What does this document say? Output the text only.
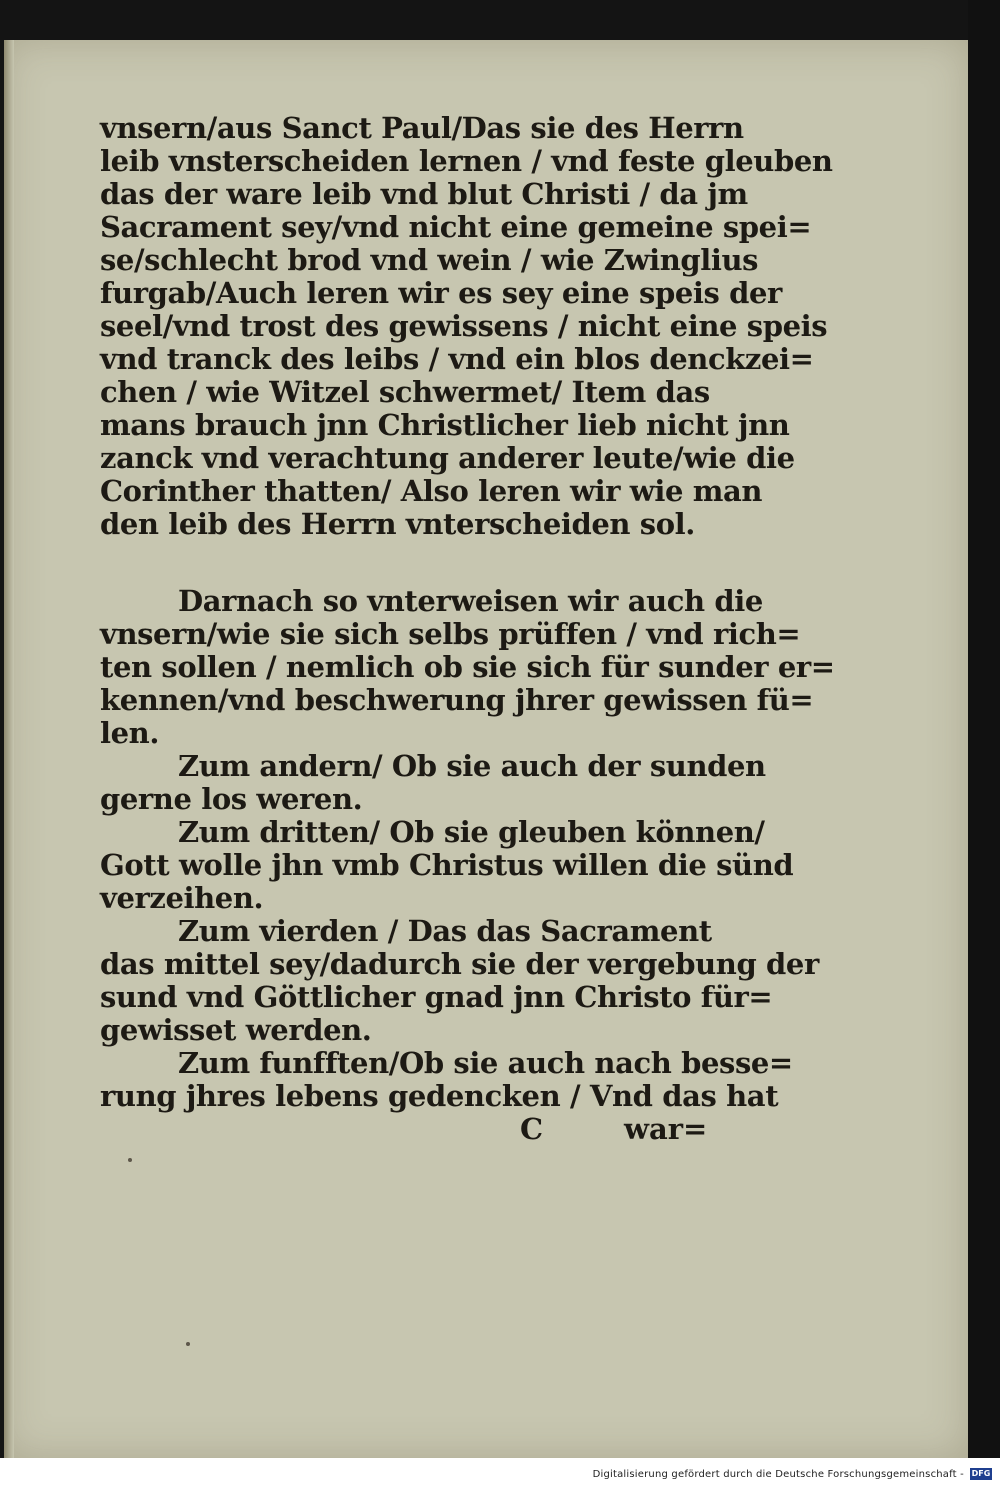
vnsern/aus Sanct Paul/Das sie des Herrn
leib vnsterscheiden lernen / vnd feste gleuben
das der ware leib vnd blut Christi / da jm
Sacrament sey/vnd nicht eine gemeine spei=
se/schlecht brod vnd wein / wie Zwinglius
furgab/Auch leren wir es sey eine speis der
seel/vnd trost des gewissens / nicht eine speis
vnd tranck des leibs / vnd ein blos denckzei=
chen / wie Witzel schwermet/ Item das
mans brauch jnn Christlicher lieb nicht jnn
zanck vnd verachtung anderer leute/wie die
Corinther thatten/ Also leren wir wie man
den leib des Herrn vnterscheiden sol.
Darnach so vnterweisen wir auch die
vnsern/wie sie sich selbs prüffen / vnd rich=
ten sollen / nemlich ob sie sich für sunder er=
kennen/vnd beschwerung jhrer gewissen fü=
len.
Zum andern/ Ob sie auch der sunden
gerne los weren.
Zum dritten/ Ob sie gleuben können/
Gott wolle jhn vmb Christus willen die sünd
verzeihen.
Zum vierden / Das das Sacrament
das mittel sey/dadurch sie der vergebung der
sund vnd Göttlicher gnad jnn Christo für=
gewisset werden.
Zum funfften/Ob sie auch nach besse=
rung jhres lebens gedencken / Vnd das hat
C	war=
Digitalisierung gefördert durch die Deutsche Forschungsgemeinschaft - DFG
